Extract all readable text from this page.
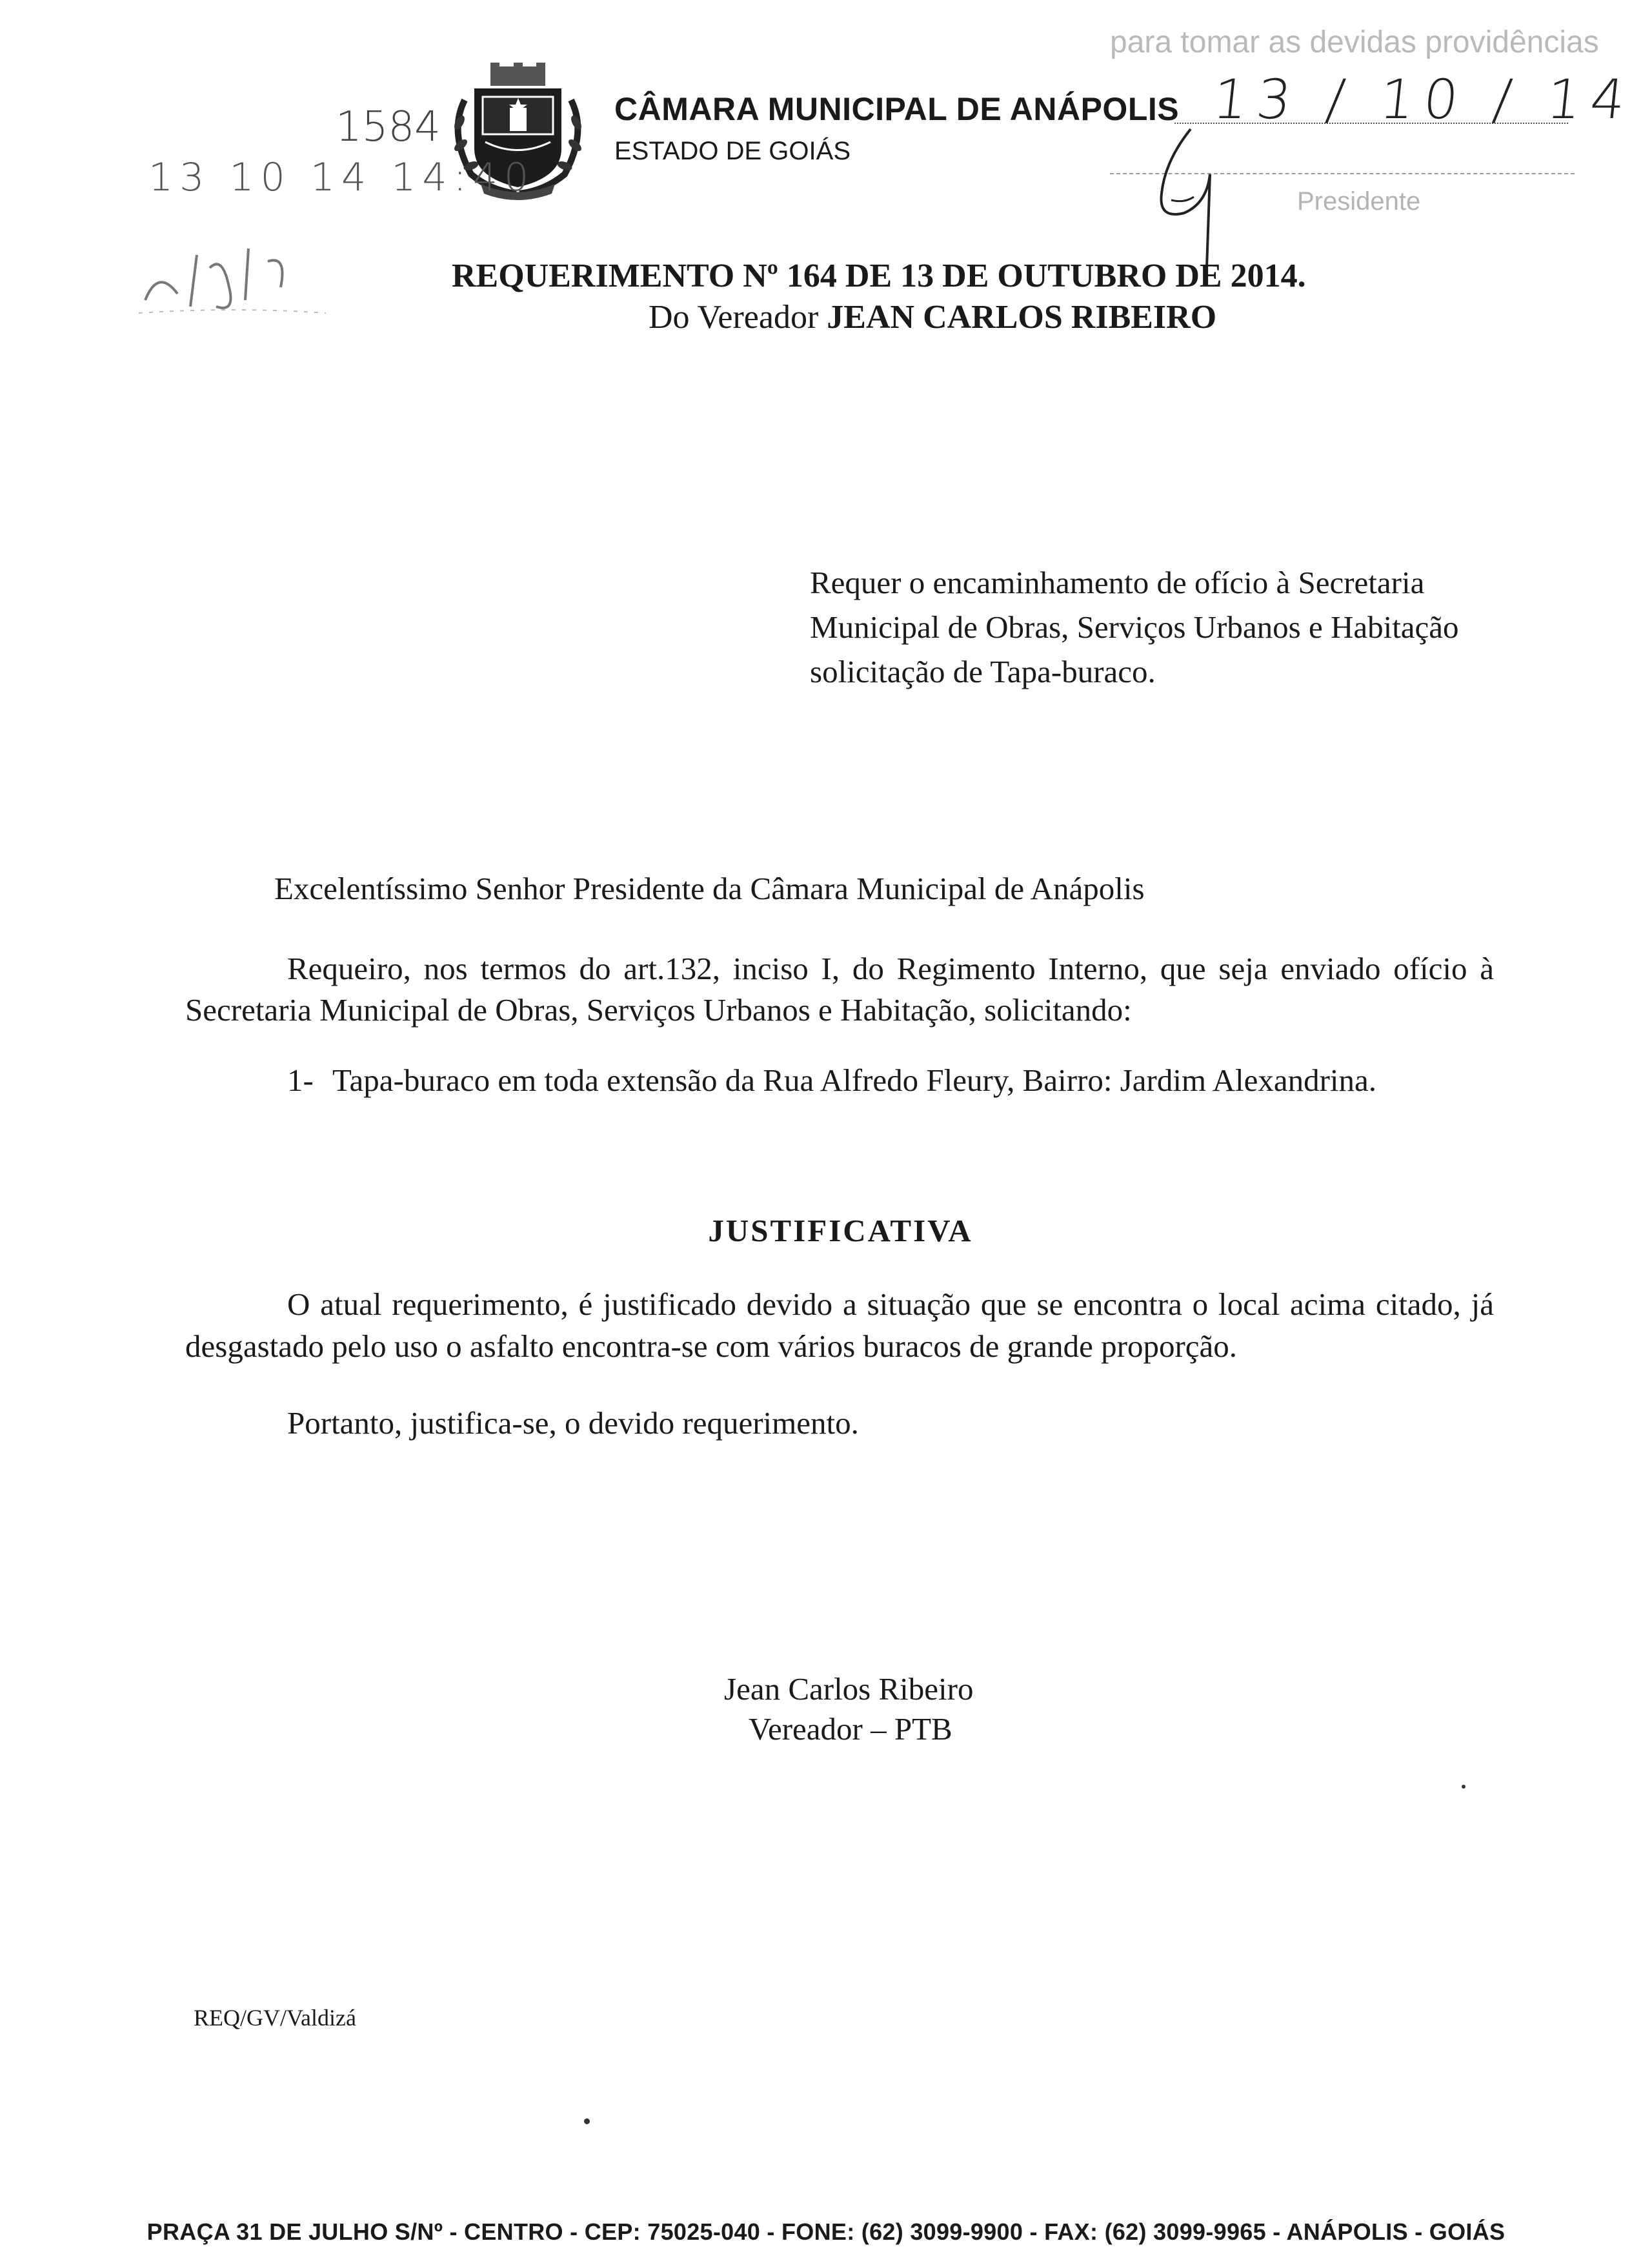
CÂMARA MUNICIPAL DE ANÁPOLIS
ESTADO DE GOIÁS
para tomar as devidas providências
13 / 10 / 14
Presidente
1584
13 10 14 14:40
REQUERIMENTO Nº 164 DE 13 DE OUTUBRO DE 2014.
Do Vereador JEAN CARLOS RIBEIRO
Requer o encaminhamento de ofício à Secretaria
Municipal de Obras, Serviços Urbanos e Habitação
solicitação de Tapa-buraco.
Excelentíssimo Senhor Presidente da Câmara Municipal de Anápolis
Requeiro, nos termos do art.132, inciso I, do Regimento Interno, que seja enviado ofício à
Secretaria Municipal de Obras, Serviços Urbanos e Habitação, solicitando:
1- Tapa-buraco em toda extensão da Rua Alfredo Fleury, Bairro: Jardim Alexandrina.
JUSTIFICATIVA
O atual requerimento, é justificado devido a situação que se encontra o local acima citado, já
desgastado pelo uso o asfalto encontra-se com vários buracos de grande proporção.
Portanto, justifica-se, o devido requerimento.
Jean Carlos Ribeiro
Vereador – PTB
REQ/GV/Valdizá
PRAÇA 31 DE JULHO S/Nº - CENTRO - CEP: 75025-040 - FONE: (62) 3099-9900 - FAX: (62) 3099-9965 - ANÁPOLIS - GOIÁS
